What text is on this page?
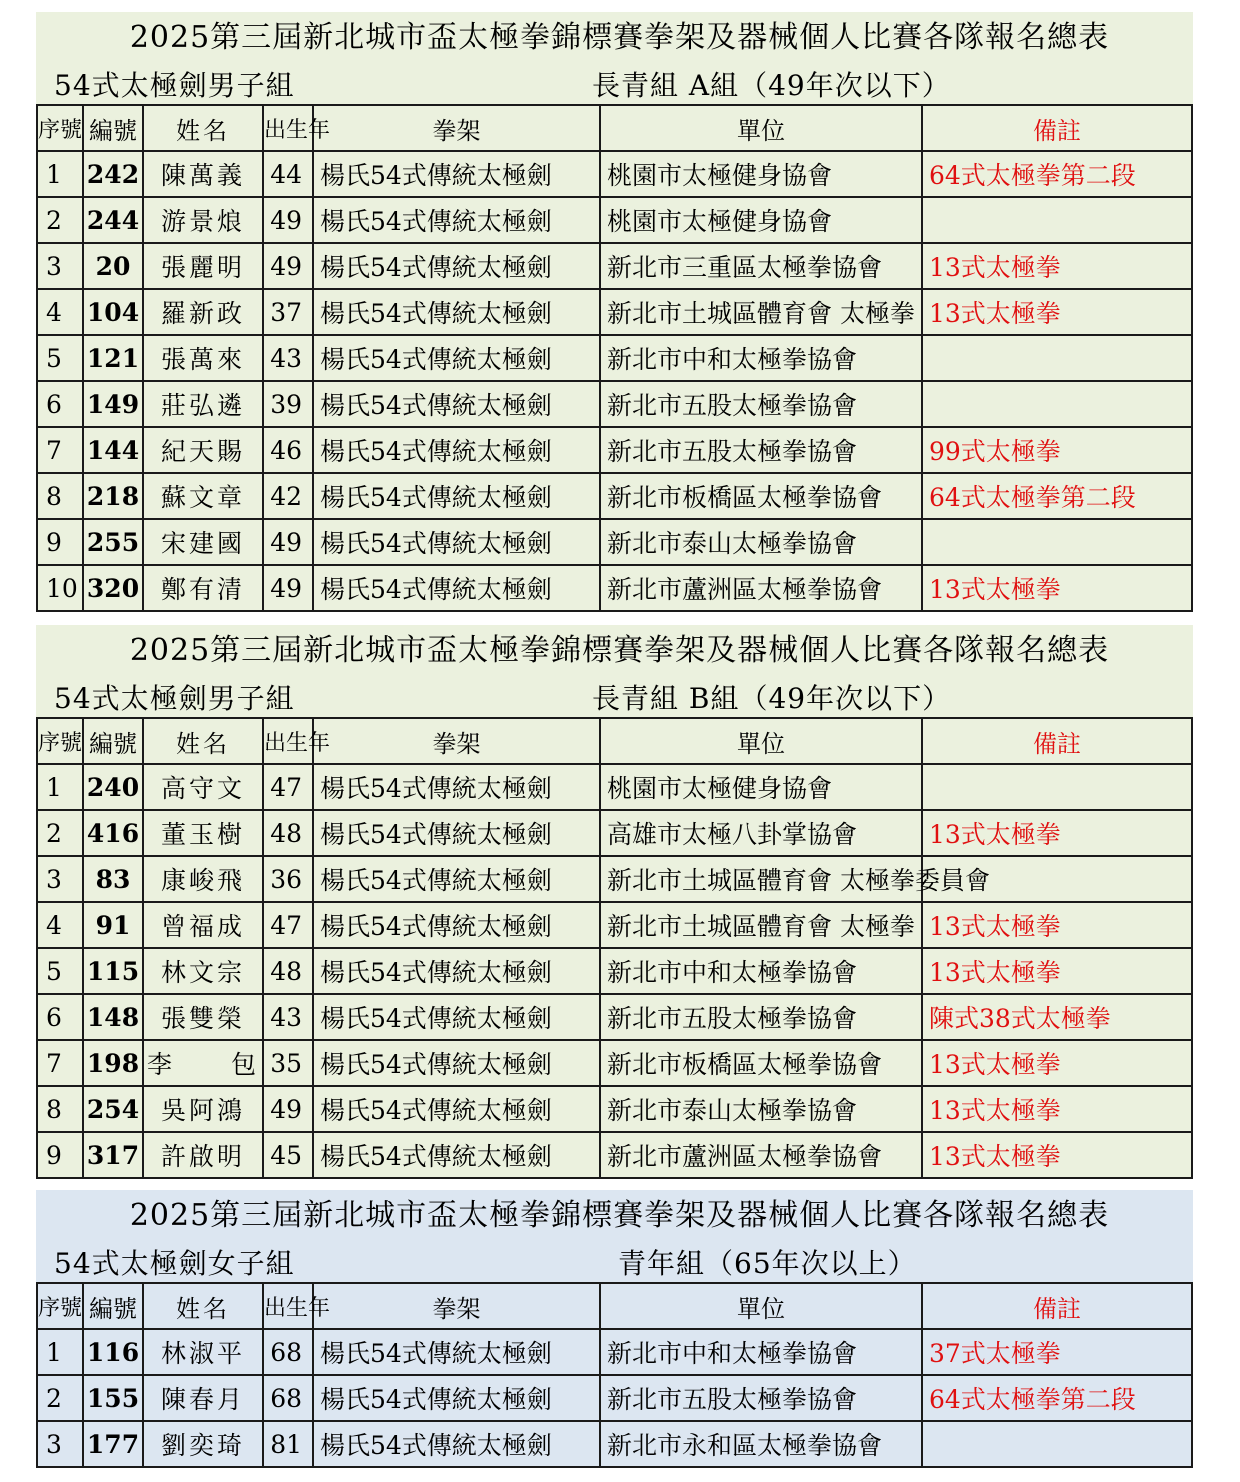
2025第三屆新北城市盃太極拳錦標賽拳架及器械個人比賽各隊報名總表
54式太極劍男子組	長青組 A組（49年次以下）
序號	編號	姓名	出生年	拳架	單位	備註
1	242	陳萬義	44	楊氏54式傳統太極劍	桃園市太極健身協會	64式太極拳第二段
2	244	游景烺	49	楊氏54式傳統太極劍	桃園市太極健身協會	
3	20	張麗明	49	楊氏54式傳統太極劍	新北市三重區太極拳協會	13式太極拳
4	104	羅新政	37	楊氏54式傳統太極劍	新北市土城區體育會 太極拳	13式太極拳
5	121	張萬來	43	楊氏54式傳統太極劍	新北市中和太極拳協會	
6	149	莊弘遴	39	楊氏54式傳統太極劍	新北市五股太極拳協會	
7	144	紀天賜	46	楊氏54式傳統太極劍	新北市五股太極拳協會	99式太極拳
8	218	蘇文章	42	楊氏54式傳統太極劍	新北市板橋區太極拳協會	64式太極拳第二段
9	255	宋建國	49	楊氏54式傳統太極劍	新北市泰山太極拳協會	
10	320	鄭有清	49	楊氏54式傳統太極劍	新北市蘆洲區太極拳協會	13式太極拳
2025第三屆新北城市盃太極拳錦標賽拳架及器械個人比賽各隊報名總表
54式太極劍男子組	長青組 B組（49年次以下）
序號	編號	姓名	出生年	拳架	單位	備註
1	240	高守文	47	楊氏54式傳統太極劍	桃園市太極健身協會	
2	416	董玉樹	48	楊氏54式傳統太極劍	高雄市太極八卦掌協會	13式太極拳
3	83	康峻飛	36	楊氏54式傳統太極劍	新北市土城區體育會 太極拳委員會	
4	91	曾福成	47	楊氏54式傳統太極劍	新北市土城區體育會 太極拳	13式太極拳
5	115	林文宗	48	楊氏54式傳統太極劍	新北市中和太極拳協會	13式太極拳
6	148	張雙榮	43	楊氏54式傳統太極劍	新北市五股太極拳協會	陳式38式太極拳
7	198	李　　包	35	楊氏54式傳統太極劍	新北市板橋區太極拳協會	13式太極拳
8	254	吳阿鴻	49	楊氏54式傳統太極劍	新北市泰山太極拳協會	13式太極拳
9	317	許啟明	45	楊氏54式傳統太極劍	新北市蘆洲區太極拳協會	13式太極拳
2025第三屆新北城市盃太極拳錦標賽拳架及器械個人比賽各隊報名總表
54式太極劍女子組	青年組（65年次以上）
序號	編號	姓名	出生年	拳架	單位	備註
1	116	林淑平	68	楊氏54式傳統太極劍	新北市中和太極拳協會	37式太極拳
2	155	陳春月	68	楊氏54式傳統太極劍	新北市五股太極拳協會	64式太極拳第二段
3	177	劉奕琦	81	楊氏54式傳統太極劍	新北市永和區太極拳協會	
